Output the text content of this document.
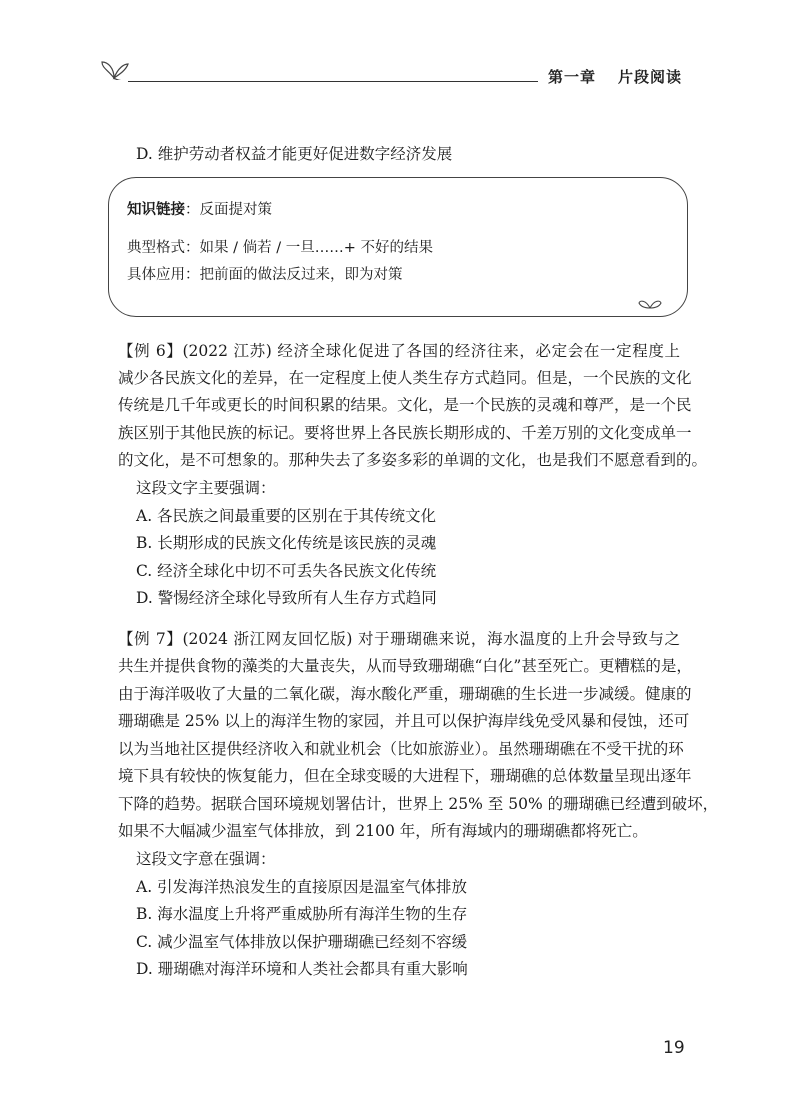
第一章 片段阅读
D. 维护劳动者权益才能更好促进数字经济发展
知识链接：反面提对策
典型格式：如果 / 倘若 / 一旦……+ 不好的结果
具体应用：把前面的做法反过来，即为对策
【例 6】(2022 江苏) 经济全球化促进了各国的经济往来，必定会在一定程度上
减少各民族文化的差异，在一定程度上使人类生存方式趋同。但是，一个民族的文化
传统是几千年或更长的时间积累的结果。文化，是一个民族的灵魂和尊严，是一个民
族区别于其他民族的标记。要将世界上各民族长期形成的、千差万别的文化变成单一
的文化，是不可想象的。那种失去了多姿多彩的单调的文化，也是我们不愿意看到的。
这段文字主要强调：
A. 各民族之间最重要的区别在于其传统文化
B. 长期形成的民族文化传统是该民族的灵魂
C. 经济全球化中切不可丢失各民族文化传统
D. 警惕经济全球化导致所有人生存方式趋同
【例 7】(2024 浙江网友回忆版) 对于珊瑚礁来说，海水温度的上升会导致与之
共生并提供食物的藻类的大量丧失，从而导致珊瑚礁“白化”甚至死亡。更糟糕的是，
由于海洋吸收了大量的二氧化碳，海水酸化严重，珊瑚礁的生长进一步减缓。健康的
珊瑚礁是 25% 以上的海洋生物的家园，并且可以保护海岸线免受风暴和侵蚀，还可
以为当地社区提供经济收入和就业机会（比如旅游业）。虽然珊瑚礁在不受干扰的环
境下具有较快的恢复能力，但在全球变暖的大进程下，珊瑚礁的总体数量呈现出逐年
下降的趋势。据联合国环境规划署估计，世界上 25% 至 50% 的珊瑚礁已经遭到破坏，
如果不大幅减少温室气体排放，到 2100 年，所有海域内的珊瑚礁都将死亡。
这段文字意在强调：
A. 引发海洋热浪发生的直接原因是温室气体排放
B. 海水温度上升将严重威胁所有海洋生物的生存
C. 减少温室气体排放以保护珊瑚礁已经刻不容缓
D. 珊瑚礁对海洋环境和人类社会都具有重大影响
19
